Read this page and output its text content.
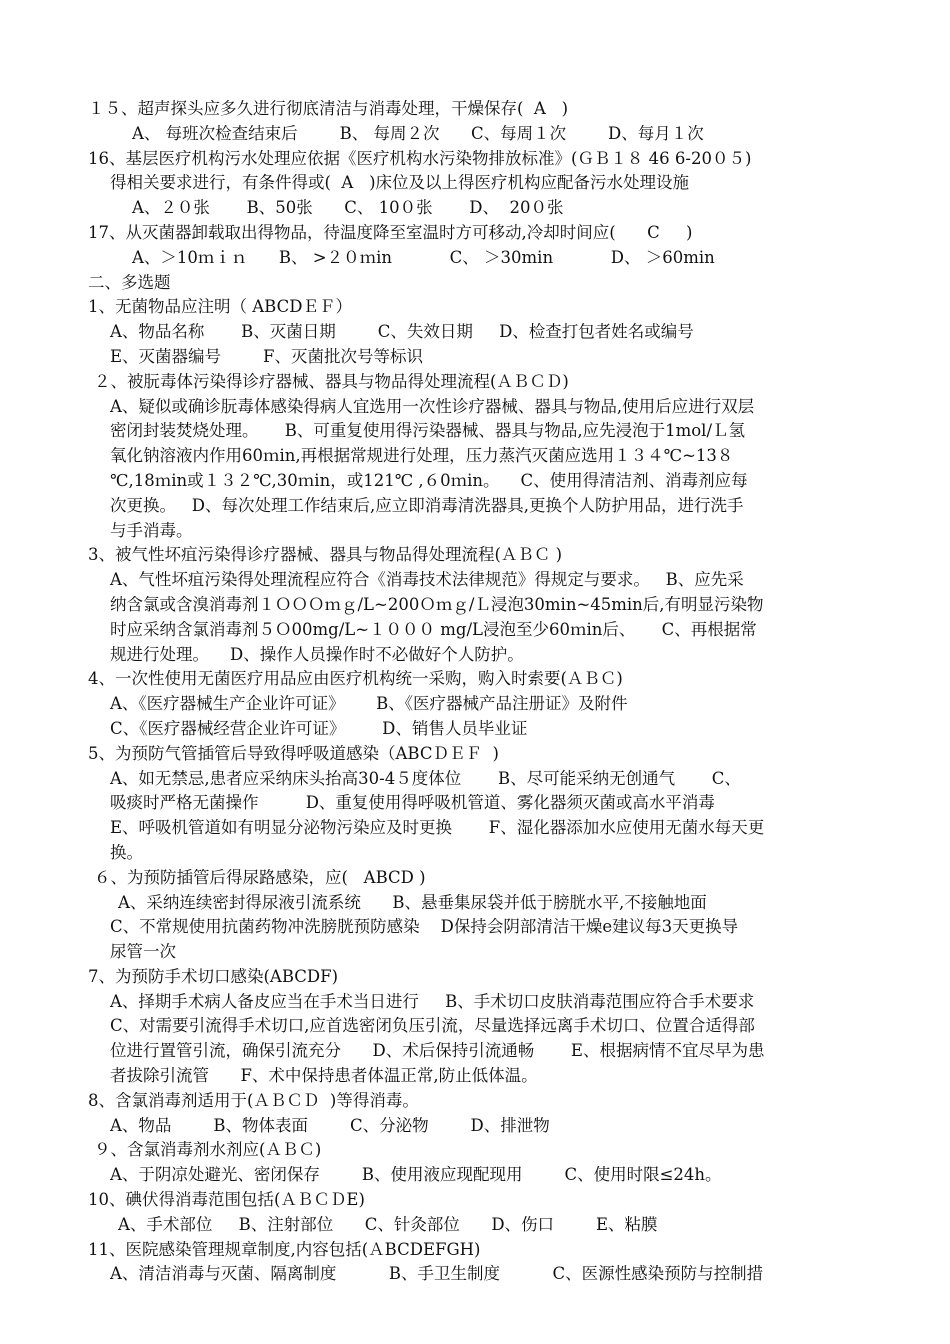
１５、超声探头应多久进行彻底清洁与消毒处理，干燥保存(  A   )
A、 每班次检查结束后        B、 每周２次      C、每周１次        D、每月１次
16、基层医疗机构污水处理应依据《医疗机构水污染物排放标准》(ＧＢ１８ 46 6-20０５)
得相关要求进行，有条件得或(  A   )床位及以上得医疗机构应配备污水处理设施
A、２０张       B、50张      C、 10０张       D、  20０张
17、从灭菌器卸载取出得物品，待温度降至室温时方可移动,冷却时间应(      C     )
A、＞10ｍｉｎ      B、 >２０ｍin           C、 ＞30min           D、 ＞60min
二、多选题
1、无菌物品应注明（ ABCDＥＦ）
A、物品名称       B、灭菌日期        C、失效日期     D、检查打包者姓名或编号
E、灭菌器编号        F、灭菌批次号等标识
２、被朊毒体污染得诊疗器械、器具与物品得处理流程(ＡＢＣＤ)
A、疑似或确诊朊毒体感染得病人宜选用一次性诊疗器械、器具与物品,使用后应进行双层
密闭封装焚烧处理。     B、可重复使用得污染器械、器具与物品,应先浸泡于1mol/Ｌ氢
氧化钠溶液内作用60ｍin,再根据常规进行处理，压力蒸汽灭菌应选用１３４℃~13８
℃,18ｍin或１３２℃,30ｍin，或121℃ ,６0ｍin。    C、使用得清洁剂、消毒剂应每
次更换。   D、每次处理工作结束后,应立即消毒清洗器具,更换个人防护用品，进行洗手
与手消毒。
3、被气性坏疽污染得诊疗器械、器具与物品得处理流程(ＡＢＣ )
A、气性坏疽污染得处理流程应符合《消毒技术法律规范》得规定与要求。   B、应先采
纳含氯或含溴消毒剂１ＯＯＯｍｇ/L~200Ｏｍｇ/Ｌ浸泡30min~45min后,有明显污染物
时应采纳含氯消毒剂５Ｏ00mg/L~１０００ mg/L浸泡至少60ｍin后、     C、再根据常
规进行处理。    D、操作人员操作时不必做好个人防护。
4、一次性使用无菌医疗用品应由医疗机构统一采购，购入时索要(ＡＢＣ)
A、《医疗器械生产企业许可证》      B、《医疗器械产品注册证》及附件
C、《医疗器械经营企业许可证》       D、销售人员毕业证
5、为预防气管插管后导致得呼吸道感染（ABCＤＥＦ  )
A、如无禁忌,患者应采纳床头抬高30-4５度体位       B、尽可能采纳无创通气       C、
吸痰时严格无菌操作         D、重复使用得呼吸机管道、雾化器须灭菌或高水平消毒
E、呼吸机管道如有明显分泌物污染应及时更换       F、湿化器添加水应使用无菌水每天更
换。
６、为预防插管后得尿路感染，应(   ABCD )
A、采纳连续密封得尿液引流系统      B、悬垂集尿袋并低于膀胱水平,不接触地面
C、不常规使用抗菌药物冲洗膀胱预防感染    D保持会阴部清洁干燥e建议每3天更换导
尿管一次
7、为预防手术切口感染(ABCDF)
A、择期手术病人备皮应当在手术当日进行     B、手术切口皮肤消毒范围应符合手术要求
C、对需要引流得手术切口,应首选密闭负压引流，尽量选择远离手术切口、位置合适得部
位进行置管引流，确保引流充分      D、术后保持引流通畅       E、根据病情不宜尽早为患
者拔除引流管      F、术中保持患者体温正常,防止低体温。
8、含氯消毒剂适用于(ＡＢＣＤ  )等得消毒。
A、物品        B、物体表面        C、分泌物        D、排泄物
９、含氯消毒剂水剂应(ＡＢＣ)
A、于阴凉处避光、密闭保存        B、使用液应现配现用        C、使用时限≤24h。
10、碘伏得消毒范围包括(ＡＢＣＤE)
A、手术部位     B、注射部位      C、针灸部位      D、伤口        E、粘膜
11、医院感染管理规章制度,内容包括(ＡBCDEFGH)
A、清洁消毒与灭菌、隔离制度          B、手卫生制度          C、医源性感染预防与控制措
